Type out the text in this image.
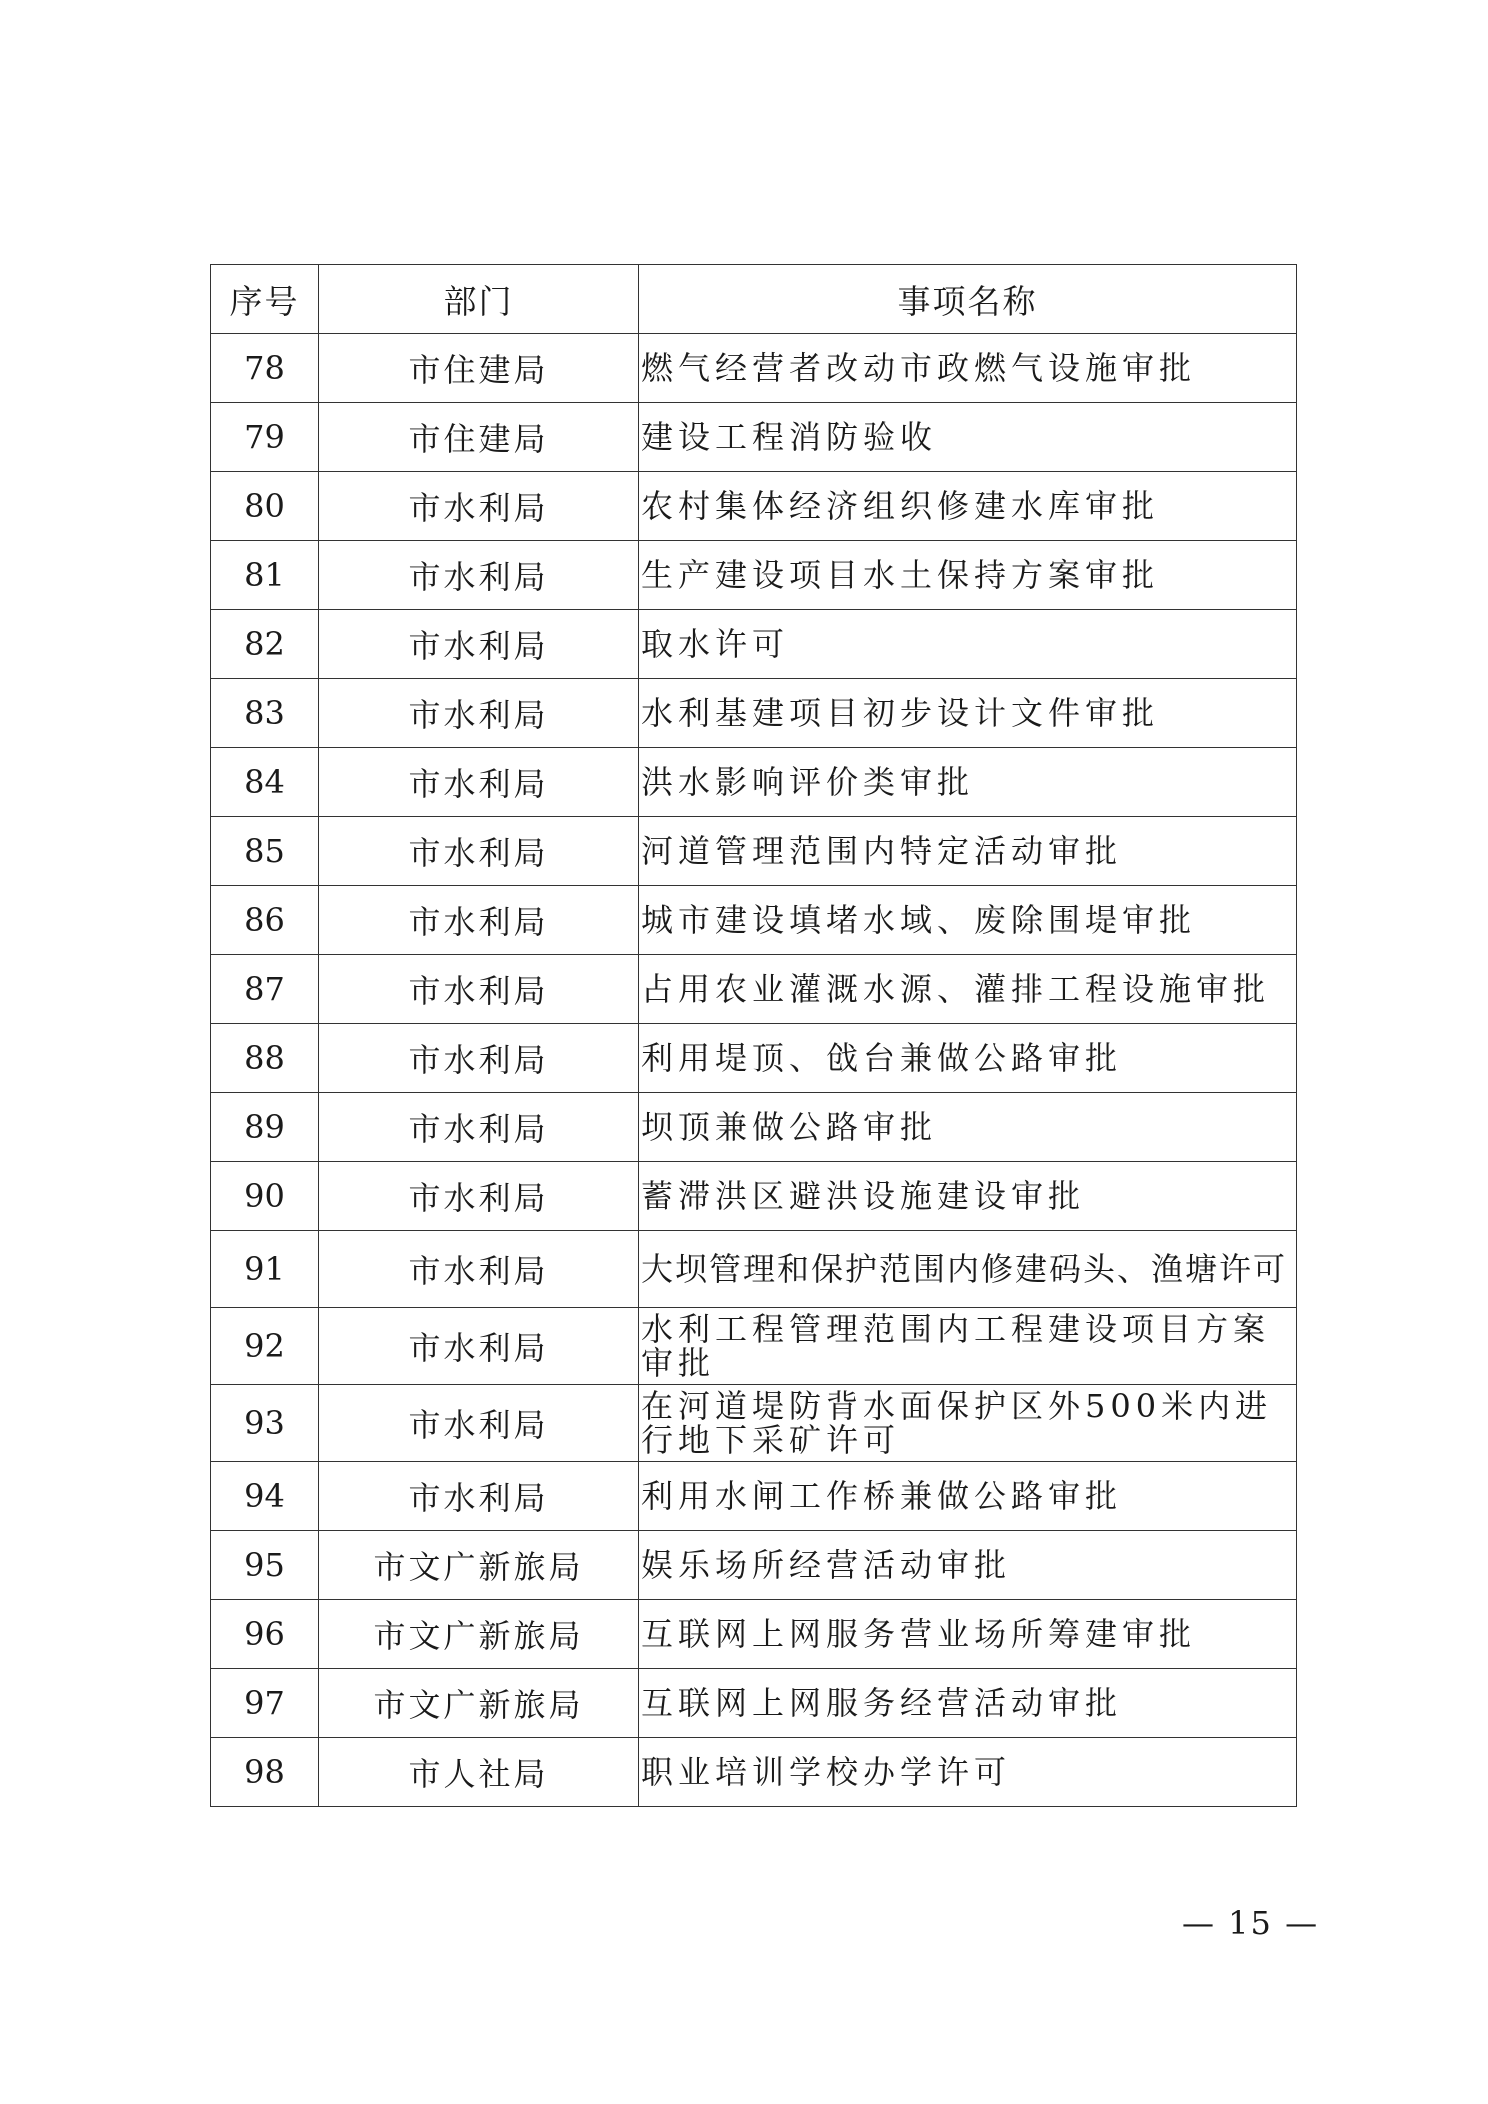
序号	部门	事项名称
78	市住建局	燃气经营者改动市政燃气设施审批
79	市住建局	建设工程消防验收
80	市水利局	农村集体经济组织修建水库审批
81	市水利局	生产建设项目水土保持方案审批
82	市水利局	取水许可
83	市水利局	水利基建项目初步设计文件审批
84	市水利局	洪水影响评价类审批
85	市水利局	河道管理范围内特定活动审批
86	市水利局	城市建设填堵水域、废除围堤审批
87	市水利局	占用农业灌溉水源、灌排工程设施审批
88	市水利局	利用堤顶、戗台兼做公路审批
89	市水利局	坝顶兼做公路审批
90	市水利局	蓄滞洪区避洪设施建设审批
91	市水利局	大坝管理和保护范围内修建码头、渔塘许可
92	市水利局	水利工程管理范围内工程建设项目方案审批
93	市水利局	在河道堤防背水面保护区外500米内进行地下采矿许可
94	市水利局	利用水闸工作桥兼做公路审批
95	市文广新旅局	娱乐场所经营活动审批
96	市文广新旅局	互联网上网服务营业场所筹建审批
97	市文广新旅局	互联网上网服务经营活动审批
98	市人社局	职业培训学校办学许可
— 15 —
